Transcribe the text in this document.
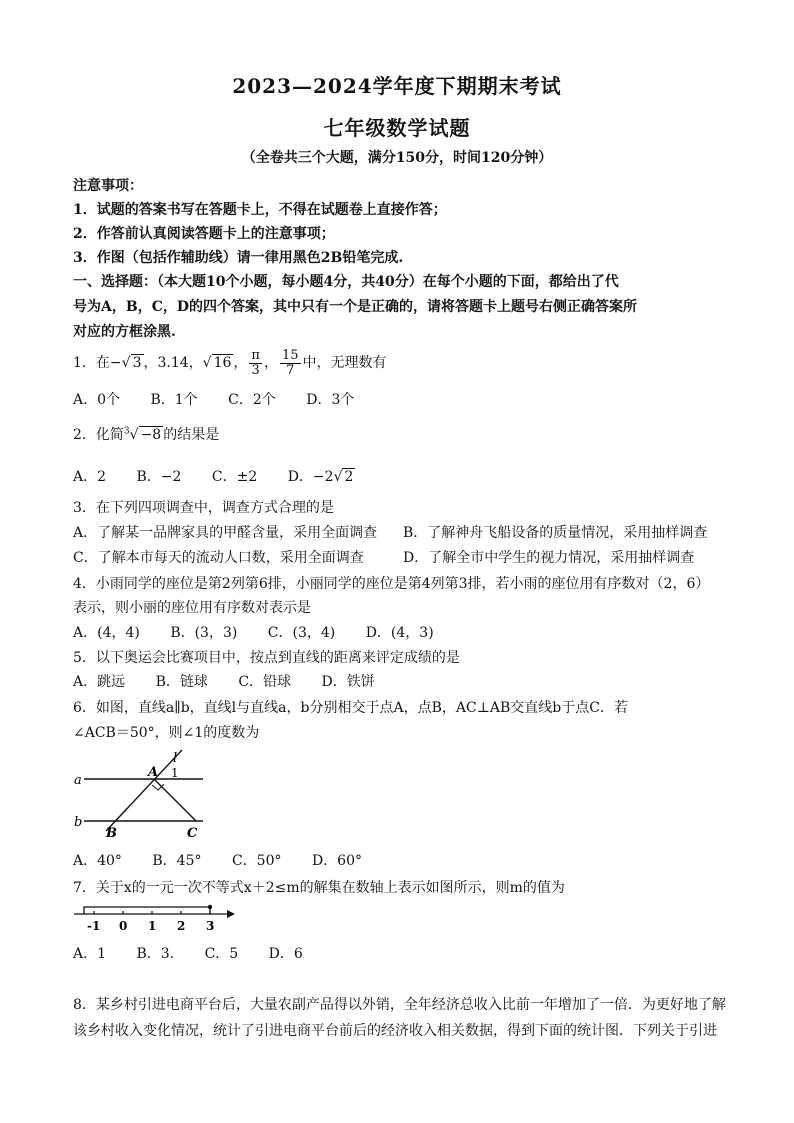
2023—2024学年度下期期末考试
七年级数学试题
（全卷共三个大题，满分150分，时间120分钟）
注意事项：
1．试题的答案书写在答题卡上，不得在试题卷上直接作答；
2．作答前认真阅读答题卡上的注意事项；
3．作图（包括作辅助线）请一律用黑色2B铅笔完成.
一、选择题：（本大题10个小题，每小题4分，共40分）在每个小题的下面，都给出了代
号为A，B，C，D的四个答案，其中只有一个是正确的，请将答题卡上题号右侧正确答案所
对应的方框涂黑.
1．在−√ 3 ，3.14，√ 16 ， $\frac{\pi}{3}$ ， $\frac{15}{7}$ 中，无理数有
A．0个 B．1个 C．2个 D．3个
2．化简$^3$√ −8 的结果是
A．2 B．−2 C．±2 D．−2√ 2
3．在下列四项调查中，调查方式合理的是
A．了解某一品牌家具的甲醛含量，采用全面调查 B．了解神舟飞船设备的质量情况，采用抽样调查
C．了解本市每天的流动人口数，采用全面调查	D．了解全市中学生的视力情况，采用抽样调查
4．小雨同学的座位是第2列第6排，小丽同学的座位是第4列第3排，若小雨的座位用有序数对（2，6）
表示，则小丽的座位用有序数对表示是
A．(4，4) B．(3，3) C．(3，4) D．(4，3)
5．以下奥运会比赛项目中，按点到直线的距离来评定成绩的是
A．跳远 B．链球 C．铅球 D．铁饼
6．如图，直线a∥b，直线l与直线a，b分别相交于点A，点B，AC⊥AB交直线b于点C．若
∠ACB＝50°，则∠1的度数为
a
b
l
A 1
B	C
A．40° B．45° C．50° D．60°
7．关于x的一元一次不等式x＋2≤m的解集在数轴上表示如图所示，则m的值为
-1 0 1 2 3
A．1 B．3. C．5 D．6
8．某乡村引进电商平台后，大量农副产品得以外销，全年经济总收入比前一年增加了一倍．为更好地了解
该乡村收入变化情况，统计了引进电商平台前后的经济收入相关数据，得到下面的统计图．下列关于引进
